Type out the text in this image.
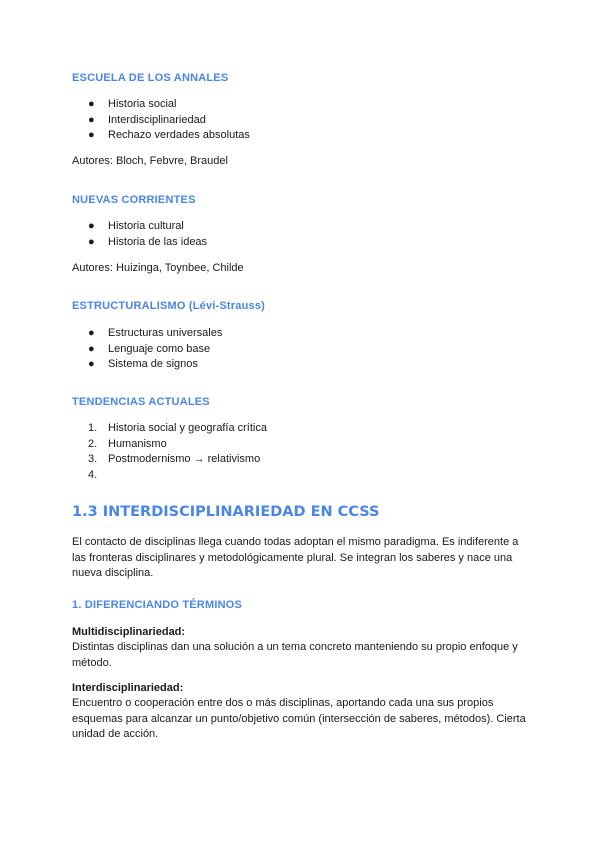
ESCUELA DE LOS ANNALES
●	Historia social
●	Interdisciplinariedad
●	Rechazo verdades absolutas

Autores: Bloch, Febvre, Braudel

NUEVAS CORRIENTES
●	Historia cultural
●	Historia de las ideas

Autores: Huizinga, Toynbee, Childe

ESTRUCTURALISMO (Lévi-Strauss)
●	Estructuras universales
●	Lenguaje como base
●	Sistema de signos
TENDENCIAS ACTUALES
1. Historia social y geografía crítica
2. Humanismo
3. Postmodernismo → relativismo
4.
1.3 INTERDISCIPLINARIEDAD EN CCSS

El contacto de disciplinas llega cuando todas adoptan el mismo paradigma. Es indiferente a las fronteras disciplinares y metodológicamente plural. Se integran los saberes y nace una nueva disciplina.

1. DIFERENCIANDO TÉRMINOS

Multidisciplinariedad:

Distintas disciplinas dan una solución a un tema concreto manteniendo su propio enfoque y método.

Interdisciplinariedad:

Encuentro o cooperación entre dos o más disciplinas, aportando cada una sus propios esquemas para alcanzar un punto/objetivo común (intersección de saberes, métodos). Cierta unidad de acción.
